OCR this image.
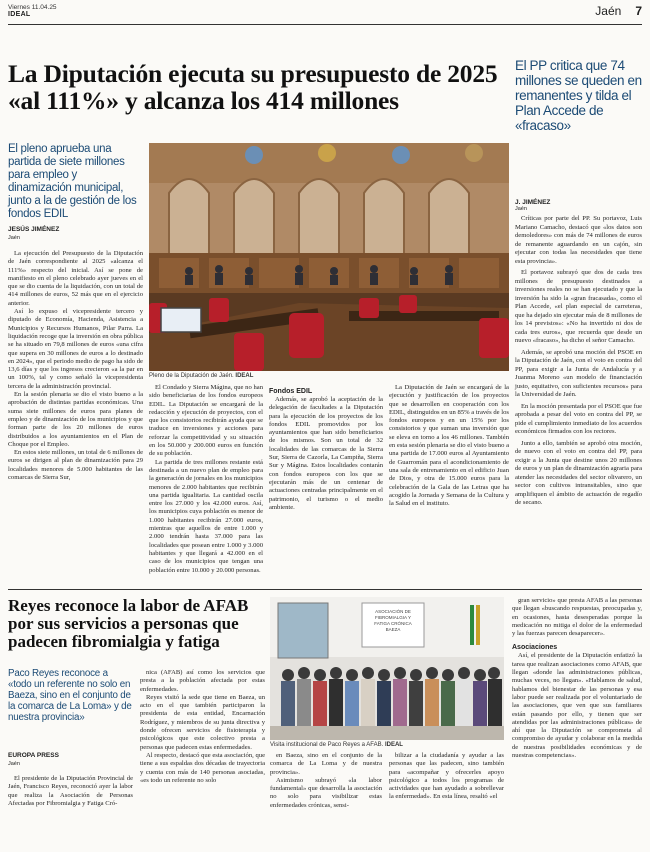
Viernes 11.04.25
IDEAL	Jaén 7
La Diputación ejecuta su presupuesto de 2025 «al 111%» y alcanza los 414 millones
El PP critica que 74 millones se queden en remanentes y tilda el Plan Accede de «fracaso»
J. JIMÉNEZ
Jaén

Críticas por parte del PP. Su portavoz, Luis Mariano Camacho, destacó que «los datos son demoledores» con más de 74 millones de euros de remanente aguardando en un cajón, sin ejecutar con todas las necesidades que tiene esta provincia».

El portavoz subrayó que dos de cada tres millones de presupuesto destinados a inversiones reales no se han ejecutado y que la inversión ha sido la «gran fracasada», como el Plan Accede, «el plan especial de carreteras, que ha dejado sin ejecutar más de 8 millones de los 14 previstos»: «No ha invertido ni dos de cada tres euros», que recuerda que desde un nuevo «fracaso», ha dicho el señor Camacho.

Además, se aprobó una moción del PSOE en la Diputación de Jaén, con el voto en contra del PP, para exigir a la Junta de Andalucía y a Juanma Moreno «un modelo de financiación justo, equitativo, con suficientes recursos» para la Universidad de Jaén.

En la moción presentada por el PSOE que fue aprobada a pesar del voto en contra del PP, se pide el cumplimiento inmediato de los acuerdos económicos firmados con los rectores.

Junto a ello, también se aprobó otra moción, de nuevo con el voto en contra del PP, para exigir a la Junta que destine unos 20 millones de euros y un plan de dinamización agraria para atender las necesidades del sector olivarero, un sector con cultivos intransitables, sino que amplifiquen el ámbito de actuación de regadío de secano.

El pleno aprueba una partida de siete millones para empleo y dinamización municipal, junto a la de gestión de los fondos EDIL
JESÚS JIMÉNEZ
Jaén

La ejecución del Presupuesto de la Diputación de Jaén correspondiente al 2025 «alcanza el 111%» respecto del inicial. Así se pone de manifiesto en el pleno celebrado ayer jueves en el que se dio cuenta de la liquidación, con un total de 414 millones de euros, 52 más que en el ejercicio anterior.

Así lo expuso el vicepresidente tercero y diputado de Economía, Hacienda, Asistencia a Municipios y Recursos Humanos, Pilar Parra. La liquidación recoge que la inversión en obra pública se ha situado en 79,8 millones de euros «una cifra que supera en 30 millones de euros a lo destinado en 2024», que el periodo medio de pago ha sido de 13,6 días y que los ingresos crecieron «a la par en un 100%, tal y como señaló la vicepresidenta tercera de la administración provincial.

En la sesión plenaria se dio el visto bueno a la aprobación de distintas partidas económicas. Una suma siete millones de euros para planes de empleo y de dinamización de los municipios y que forman parte de los 20 millones de euros distribuidos a los ayuntamientos en el Plan de Choque por el Empleo.

En estos siete millones, un total de 6 millones de euros se dirigen al plan de dinamización para 29 localidades menores de 5.000 habitantes de las comarcas de Sierra Sur,

Pleno de la Diputación de Jaén. IDEAL

El Condado y Sierra Mágina, que no han sido beneficiarias de los fondos europeos EDIL. La Diputación se encargará de la redacción y ejecución de proyectos, con el que los consistorios recibirán ayuda que se traduce en inversiones y acciones para reforzar la competitividad y su situación en los 50.000 y 200.000 euros en función de su población.

La partida de tres millones restante está destinada a un nuevo plan de empleo para la generación de jornales en los municipios menores de 2.000 habitantes que recibirán una partida igualitaria. La cantidad oscila entre los 27.000 y los 42.000 euros. Así, los municipios cuya población es menor de 1.000 habitantes recibirán 27.000 euros, mientras que aquellos de entre 1.000 y 2.000 tendrán hasta 37.000 para las localidades que posean entre 1.000 y 3.000 habitantes y que llegará a 42.000 en el caso de los municipios que tengan una población entre 10.000 y 20.000 personas.

Fondos EDIL

Además, se aprobó la aceptación de la delegación de facultades a la Diputación para la ejecución de los proyectos de los fondos EDIL promovidos por los ayuntamientos que han sido beneficiarios de los mismos. Son un total de 32 localidades de las comarcas de la Sierra Sur, Sierra de Cazorla, La Campiña, Sierra Sur y Mágina. Estos localidades contarán con fondos europeos con los que se ejecutarán más de un centenar de actuaciones centradas principalmente en el patrimonio, el turismo o el medio ambiente.

La Diputación de Jaén se encargará de la ejecución y justificación de los proyectos que se desarrollen en cooperación con los EDIL, distinguidos en un 85% a través de los fondos europeos y en un 15% por los consistorios y que suman una inversión que se eleva en torno a los 46 millones. También en esta sesión plenaria se dio el visto bueno a una partida de 17.000 euros al Ayuntamiento de Guarromán para el acondicionamiento de una sala de entrenamiento en el edificio Juan de Dios, y otra de 15.000 euros para la celebración de la Gala de las Letras que ha acogido la Jornada y Semana de la Cultura y la Salud en el instituto.

Reyes reconoce la labor de AFAB por sus servicios a personas que padecen fibromialgia y fatiga
Paco Reyes reconoce a «todo un referente no solo en Baeza, sino en el conjunto de la comarca de La Loma» y de nuestra provincia»
EUROPA PRESS
Jaén

El presidente de la Diputación Provincial de Jaén, Francisco Reyes, reconoció ayer la labor que realiza la Asociación de Personas Afectadas por Fibromialgia y Fatiga Cró-

nica (AFAB) así como los servicios que presta a la población afectada por estas enfermedades.

Reyes visitó la sede que tiene en Baeza, un acto en el que también participaron la presidenta de esta entidad, Encarnación Rodríguez, y miembros de su junta directiva y donde ofrecen servicios de fisioterapia y psicológicos que este colectivo presta a personas que padecen estas enfermedades.

Al respecto, destacó que esta asociación, que tiene a sus espaldas dos décadas de trayectoria y cuenta con más de 140 personas asociadas, «es todo un referente no solo

ASOCIACIÓN DE
FIBROMIALGIA Y
FATIGA CRÓNICA
BAEZA
Visita institucional de Paco Reyes a AFAB. IDEAL

en Baeza, sino en el conjunto de la comarca de La Loma y de nuestra provincia».

Asimismo subrayó «la labor fundamental» que desarrolla la asociación no solo para visibilizar estas enfermedades crónicas, sensi-

bilizar a la ciudadanía y ayudar a las personas que las padecen, sino también para «acompañar y ofrecerles apoyo psicológico a todos los programas de actividades que han ayudado a sobrellevar la enfermedad». En esta línea, resaltó «el

gran servicio» que presta AFAB a las personas que llegan «buscando respuestas, preocupadas y, en ocasiones, hasta desesperadas porque la medicación no mitiga el dolor de la enfermedad y las fuerzas parecen desaparecer».

Asociaciones

Así, el presidente de la Diputación enfatizó la tarea que realizan asociaciones como AFAB, que llegan «donde las administraciones públicas, muchas veces, no llegan». «Hablamos de salud, hablamos del bienestar de las personas y esa labor puede ser realizada por el voluntariado de las asociaciones, que ven que sus familiares están pasando por ello, y tienen que ser atendidas por las administraciones públicas» de ahí que la Diputación se comprometa al compromiso de ayudar y colaborar en la medida de nuestras posibilidades económicas y de nuestras competencias».
